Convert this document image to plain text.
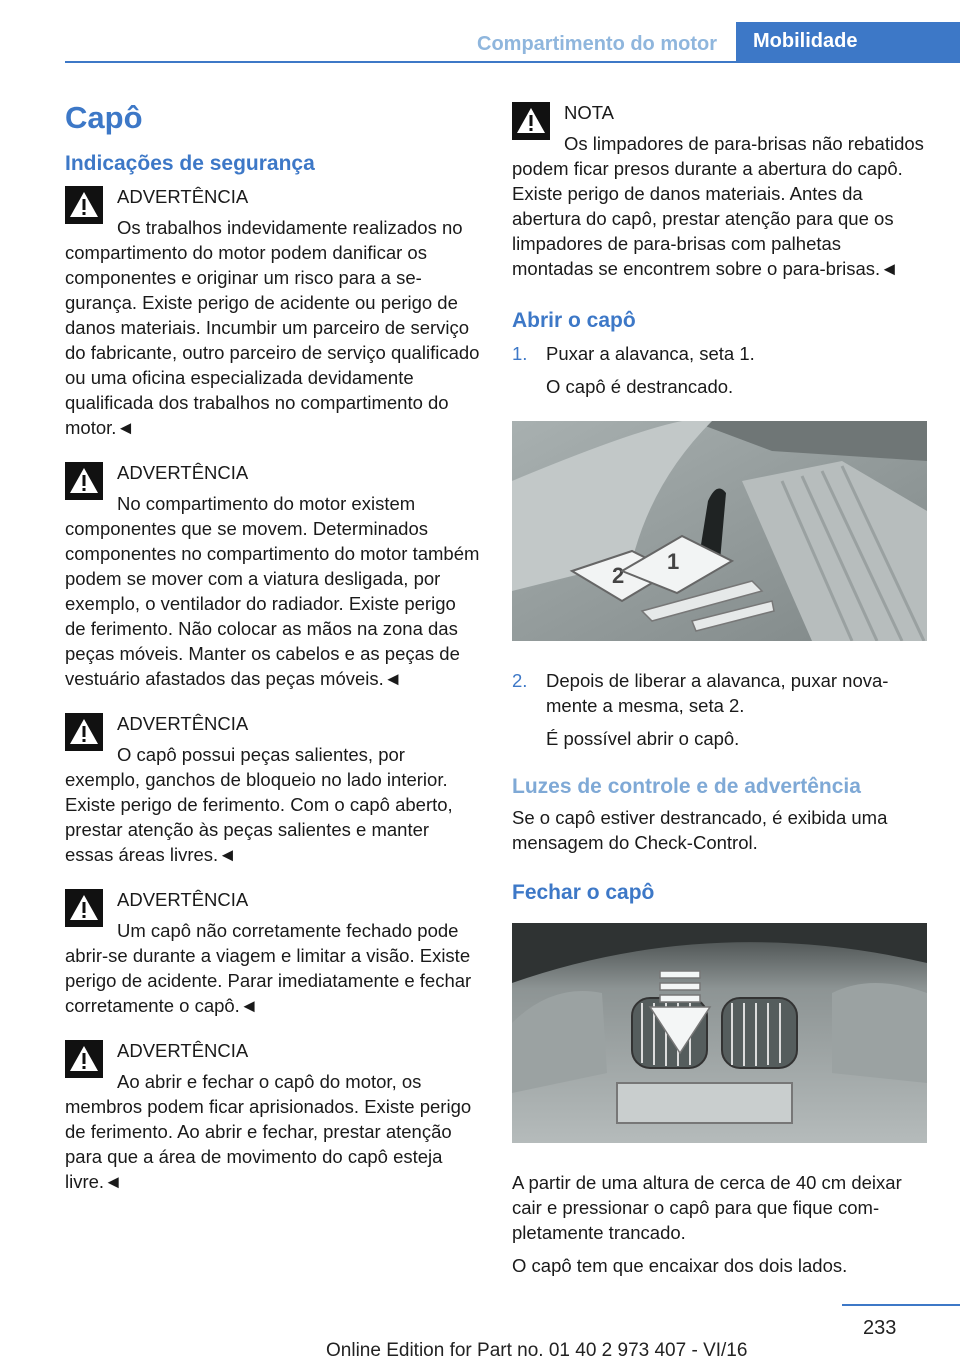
Compartimento do motor	Mobilidade
Capô
Indicações de segurança
ADVERTÊNCIA

Os trabalhos indevidamente realizados no compartimento do motor podem danificar os componentes e originar um risco para a segurança. Existe perigo de acidente ou perigo de danos materiais. Incumbir um parceiro de serviço do fabricante, outro parceiro de serviço qualificado ou uma oficina especializada devidamente qualificada dos trabalhos no compartimento do motor.◄

ADVERTÊNCIA

No compartimento do motor existem componentes que se movem. Determinados componentes no compartimento do motor também podem se mover com a viatura desligada, por exemplo, o ventilador do radiador. Existe perigo de ferimento. Não colocar as mãos na zona das peças móveis. Manter os cabelos e as peças de vestuário afastados das peças móveis.◄

ADVERTÊNCIA

O capô possui peças salientes, por exemplo, ganchos de bloqueio no lado interior. Existe perigo de ferimento. Com o capô aberto, prestar atenção às peças salientes e manter essas áreas livres.◄

ADVERTÊNCIA

Um capô não corretamente fechado pode abrir-se durante a viagem e limitar a visão. Existe perigo de acidente. Parar imediatamente e fechar corretamente o capô.◄

ADVERTÊNCIA

Ao abrir e fechar o capô do motor, os membros podem ficar aprisionados. Existe perigo de ferimento. Ao abrir e fechar, prestar atenção para que a área de movimento do capô esteja livre.◄

NOTA

Os limpadores de para-brisas não rebatidos podem ficar presos durante a abertura do capô. Existe perigo de danos materiais. Antes da abertura do capô, prestar atenção para que os limpadores de para-brisas com palhetas montadas se encontrem sobre o para-brisas.◄

Abrir o capô
1. Puxar a alavanca, seta 1.
O capô é destrancado.
2
1
2. Depois de liberar a alavanca, puxar novamente a mesma, seta 2.
É possível abrir o capô.
Luzes de controle e de advertência

Se o capô estiver destrancado, é exibida uma mensagem do Check-Control.

Fechar o capô

A partir de uma altura de cerca de 40 cm deixar cair e pressionar o capô para que fique completamente trancado.

O capô tem que encaixar dos dois lados.

233
Online Edition for Part no. 01 40 2 973 407 - VI/16
